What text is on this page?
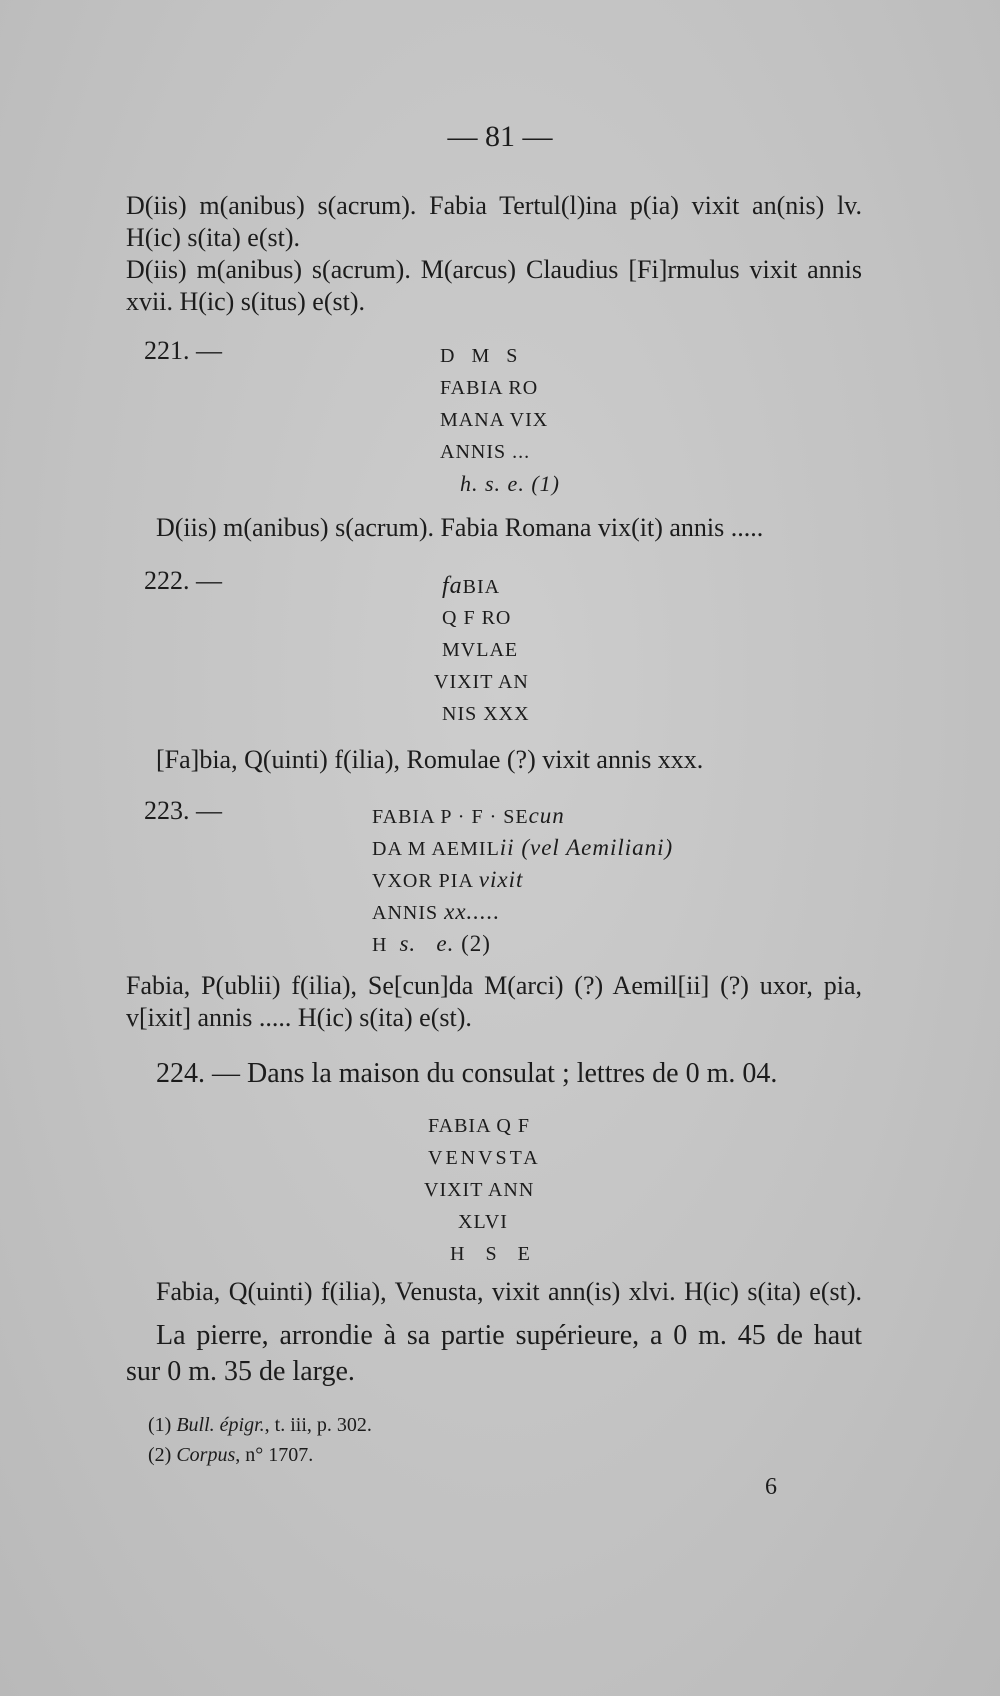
— 81 —
D(iis) m(anibus) s(acrum). Fabia Tertul(l)ina p(ia) vixit an(nis) lv.
H(ic) s(ita) e(st).
D(iis) m(anibus) s(acrum). M(arcus) Claudius [Fi]rmulus vixit annis
xvii. H(ic) s(itus) e(st).
221. —	D M S
FABIA RO
MANA VIX
ANNIS ...
h. s. e. (1)
D(iis) m(anibus) s(acrum). Fabia Romana vix(it) annis .....
222. —	faBIA
Q F RO
MVLAE
VIXIT AN
NIS XXX
[Fa]bia, Q(uinti) f(ilia), Romulae (?) vixit annis xxx.
223. —	FABIA P · F · SEcun
DA M AEMILii (vel Aemiliani)
VXOR PIA vixit
ANNIS xx.....
H  s.   e. (2)
Fabia, P(ublii) f(ilia), Se[cun]da M(arci) (?) Aemil[ii] (?) uxor, pia,
v[ixit] annis ..... H(ic) s(ita) e(st).
224. — Dans la maison du consulat ; lettres de 0 m. 04.
FABIA Q F
VENVSTA
VIXIT ANN
XLVI
H S E
Fabia, Q(uinti) f(ilia), Venusta, vixit ann(is) xlvi. H(ic) s(ita) e(st).
La pierre, arrondie à sa partie supérieure, a 0 m. 45 de haut
sur 0 m. 35 de large.
(1) Bull. épigr., t. iii, p. 302.
(2) Corpus, n° 1707.
6
